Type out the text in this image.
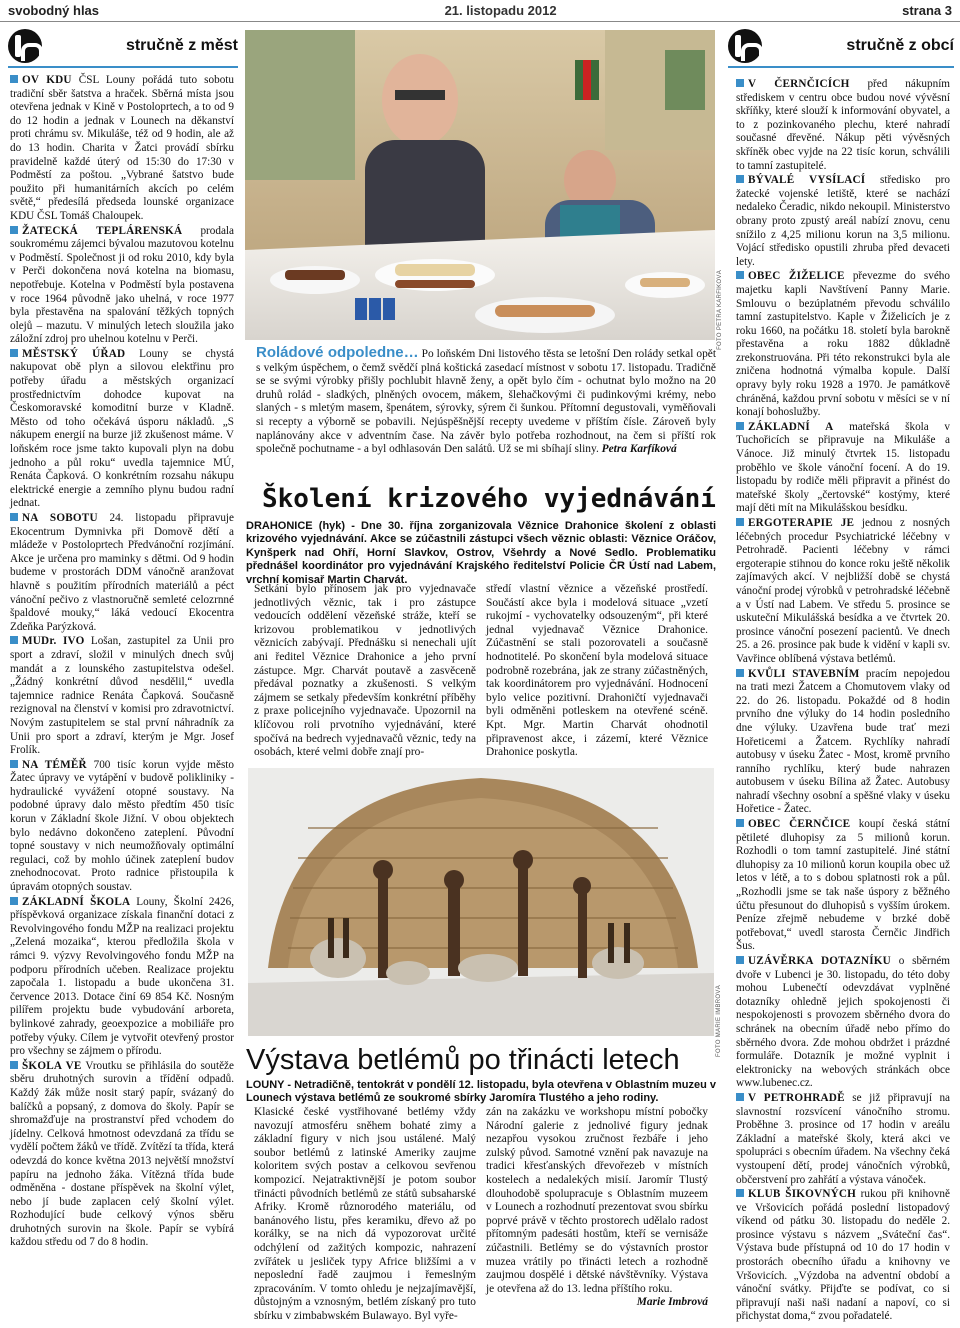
svobodný hlas	21. listopadu 2012	strana 3
stručně z měst	stručně z obcí

OV KDU ČSL Louny pořádá tuto sobotu tradiční sběr šatstva a hraček. Sběrná místa jsou otevřena jednak v Kině v Postoloprtech, a to od 9 do 12 hodin a jednak v Lounech na děkanství proti chrámu sv. Mikuláše, též od 9 hodin, ale až do 13 hodin. Charita v Žatci provádí sbírku pravidelně každé úterý od 15:30 do 17:30 v Podměstí za poštou. „Vybrané šatstvo bude použito při humanitárních akcích po celém světě,“ předesílá předseda lounské organizace KDU ČSL Tomáš Chaloupek.

ŽATECKÁ TEPLÁRENSKÁ prodala soukromému zájemci bývalou mazutovou kotelnu v Podměstí. Společnost ji od roku 2010, kdy byla v Perči dokončena nová kotelna na biomasu, nepotřebuje. Kotelna v Podměstí byla postavena v roce 1964 původně jako uhelná, v roce 1977 byla přestavěna na spalování těžkých topných olejů – mazutu. V minulých letech sloužila jako záložní zdroj pro uhelnou kotelnu v Perči.

MĚSTSKÝ ÚŘAD Louny se chystá nakupovat obě plyn a silovou elektřinu pro potřeby úřadu a městských organizací prostřednictvím dohodce kupovat na Českomoravské komoditní burze v Kladně. Město od toho očekává úsporu nákladů. „S nákupem energií na burze již zkušenost máme. V loňském roce jsme takto kupovali plyn na dobu jednoho a půl roku“ uvedla tajemnice MÚ, Renáta Čapková. O konkrétním rozsahu nákupu elektrické energie a zemního plynu budou radní jednat.

NA SOBOTU 24. listopadu připravuje Ekocentrum Dymnivka při Domově dětí a mládeže v Postoloprtech Předvánoční rozjímání. Akce je určena pro maminky s dětmi. Od 9 hodin budeme v prostorách DDM vánočně aranžovat hlavně s použitím přírodních materiálů a péct vánoční pečivo z vlastnoručně semleté celozrnné špaldové mouky,“ láká vedoucí Ekocentra Zdeňka Parýzková.

MUDr. IVO Lošan, zastupitel za Unii pro sport a zdraví, složil v minulých dnech svůj mandát a z lounského zastupitelstva odešel. „Žádný konkrétní důvod nesdělil,“ uvedla tajemnice radnice Renáta Čapková. Současně rezignoval na členství v komisi pro zdravotnictví. Novým zastupitelem se stal první náhradník za Unii pro sport a zdraví, kterým je Mgr. Josef Frolík.

NA TÉMĚŘ 700 tisíc korun vyjde město Žatec úpravy ve vytápění v budově polikliniky - hydraulické vyvážení otopné soustavy. Na podobné úpravy dalo město předtím 450 tisíc korun v Základní škole Jižní. V obou objektech bylo nedávno dokončeno zateplení. Původní topné soustavy v nich neumožňovaly optimální regulaci, což by mohlo účinek zateplení budov znehodnocovat. Proto radnice přistoupila k úpravám otopných soustav.

ZÁKLADNÍ ŠKOLA Louny, Školní 2426, příspěvková organizace získala finanční dotaci z Revolvingového fondu MŽP na realizaci projektu „Zelená mozaika“, kterou předložila škola v rámci 9. výzvy Revolvingového fondu MŽP na podporu přírodních učeben. Realizace projektu započala 1. listopadu a bude ukončena 31. července 2013. Dotace činí 69 854 Kč. Nosným pilířem projektu bude vybudování arboreta, bylinkové zahrady, geoexpozice a mobiliáře pro potřeby výuky. Cílem je vytvořit otevřený prostor pro všechny se zájmem o přírodu.

ŠKOLA VE Vroutku se přihlásila do soutěže sběru druhotných surovin a třídění odpadů. Každý žák může nosit starý papír, svázaný do balíčků a popsaný, z domova do školy. Papír se shromažďuje na prostranství před vchodem do jídelny. Celková hmotnost odevzdaná za třídu se vydělí počtem žáků ve třídě. Zvítězí ta třída, která odevzdá do konce května 2013 největší množství papíru na jednoho žáka. Vítězná třída bude odměněna - dostane příspěvek na školní výlet, nebo jí bude zaplacen celý školní výlet. Rozhodující bude celkový výnos sběru druhotných surovin na škole. Papír se vybírá každou středu od 7 do 8 hodin.

V ČERNČICÍCH před nákupním střediskem v centru obce budou nové vývěsní skříňky, které slouží k informování obyvatel, a to z pozinkovaného plechu, které nahradí současné dřevěné. Nákup pěti vývěsných skříněk obec vyjde na 22 tisíc korun, schválili to tamní zastupitelé.

BÝVALÉ VYSÍLACÍ středisko pro žatecké vojenské letiště, které se nachází nedaleko Čeradic, nikdo nekoupil. Ministerstvo obrany proto zpustý areál nabízí znovu, cenu snížilo z 4,25 milionu korun na 3,5 milionu. Vojácí středisko opustili zhruba před devaceti lety.

OBEC ŽIŽELICE převezme do svého majetku kapli Navštívení Panny Marie. Smlouvu o bezúplatném převodu schválilo tamní zastupitelstvo. Kaple v Žiželicích je z roku 1660, na počátku 18. století byla barokně přestavěna a roku 1882 důkladně zrekonstruována. Při této rekonstrukci byla ale zničena hodnotná výmalba kopule. Další opravy byly roku 1928 a 1970. Je památkově chráněná, každou první sobotu v měsíci se v ní konají bohoslužby.

ZÁKLADNÍ A mateřská škola v Tuchořicích se připravuje na Mikuláše a Vánoce. Již minulý čtvrtek 15. listopadu proběhlo ve škole vánoční focení. A do 19. listopadu by rodiče měli připravit a přinést do mateřské školy „čertovské“ kostýmy, které mají děti mít na Mikulášskou besídku.

ERGOTERAPIE JE jednou z nosných léčebných procedur Psychiatrické léčebny v Petrohradě. Pacienti léčebny v rámci ergoterapie stihnou do konce roku ještě několik zajímavých akcí. V nejbližší době se chystá vánoční prodej výrobků v petrohradské léčebně a v Ústí nad Labem. Ve středu 5. prosince se uskuteční Mikulášská besídka a ve čtvrtek 20. prosince vánoční posezení pacientů. Ve dnech 25. a 26. prosince pak bude k vidění v kapli sv. Vavřince oblíbená výstava betlémů.

KVŮLI STAVEBNÍM pracím nepojedou na trati mezi Žatcem a Chomutovem vlaky od 22. do 26. listopadu. Pokaždé od 8 hodin prvního dne výluky do 14 hodin posledního dne výluky. Uzavřena bude trať mezi Hořeticemi a Žatcem. Rychlíky nahradí autobusy v úseku Žatec - Most, kromě prvního ranního rychlíku, který bude nahrazen autobusem v úseku Bílina až Žatec. Autobusy nahradí všechny osobní a spěšné vlaky v úseku Hořetice - Žatec.

OBEC ČERNČICE koupí česká státní pětileté dluhopisy za 5 milionů korun. Rozhodli o tom tamní zastupitelé. Jiné státní dluhopisy za 10 milionů korun koupila obec už letos v létě, a to s dobou splatnosti rok a půl. „Rozhodli jsme se tak naše úspory z běžného účtu přesunout do dluhopisů s vyšším úrokem. Peníze zřejmě nebudeme v brzké době potřebovat,“ uvedl starosta Černčic Jindřich Šus.

UZÁVĚRKA DOTAZNÍKU o sběrném dvoře v Lubenci je 30. listopadu, do této doby mohou Lubenečtí odevzdávat vyplněné dotazníky ohledně jejich spokojenosti či nespokojenosti s provozem sběrného dvora do schránek na obecním úřadě nebo přímo do sběrného dvora. Zde mohou obdržet i prázdné formuláře. Dotazník je možné vyplnit i elektronicky na webových stránkách obce www.lubenec.cz.

V PETROHRADĚ se již připravují na slavnostní rozsvícení vánočního stromu. Proběhne 3. prosince od 17 hodin v areálu Základní a mateřské školy, která akci ve spolupráci s obecním úřadem. Na všechny čeká vystoupení dětí, prodej vánočních výrobků, občerstvení pro zahřátí a výstava vánoček.

KLUB ŠIKOVNÝCH rukou při knihovně ve Vršovicích pořádá poslední listopadový víkend od pátku 30. listopadu do neděle 2. prosince výstavu s názvem „Sváteční čas“. Výstava bude přístupná od 10 do 17 hodin v prostorách obecního úřadu a knihovny ve Vršovicích. „Výzdoba na adventní období a vánoční svátky. Přijďte se podívat, co si připravují naši naši nadaní a napoví, co si přichystat doma,“ zvou pořadatelé.

FOTO PETRA KARFÍKOVÁ
Roládové odpoledne… Po loňském Dni listového těsta se letošní Den rolády setkal opět s velkým úspěchem, o čemž svědčí plná koštická zasedací místnost v sobotu 17. listopadu. Tradičně se se svými výrobky přišly pochlubit hlavně ženy, a opět bylo čím - ochutnat bylo možno na 20 druhů rolád - sladkých, plněných ovocem, mákem, šlehačkovými či pudinkovými krémy, nebo slaných - s mletým masem, špenátem, sýrovky, sýrem či šunkou. Přítomní degustovali, vyměňovali si recepty a výborně se pobavili. Nejúspěšnější recepty uvedeme v příštím čísle. Zároveň byly naplánovány akce v adventním čase. Na závěr bylo potřeba rozhodnout, na čem si příští rok společně pochutname - a byl odhlasován Den salátů. Už se mi sbíhají sliny. Petra Karfíková
Školení krizového vyjednávání
DRAHONICE (hyk) - Dne 30. října zorganizovala Věznice Drahonice školení z oblasti krizového vyjednávání. Akce se zúčastnili zástupci všech věznic oblasti: Věznice Oráčov, Kynšperk nad Ohří, Horní Slavkov, Ostrov, Všehrdy a Nové Sedlo. Problematiku přednášel koordinátor pro vyjednávání Krajského ředitelství Policie ČR Ústí nad Labem, vrchní komisař Martin Charvát.
Setkání bylo přínosem jak pro vyjednavače jednotlivých věznic, tak i pro zástupce vedoucích oddělení vězeňské stráže, kteří se krizovou problematikou v jednotlivých věznicích zabývají. Přednášku si nenechali ujít ani ředitel Věznice Drahonice a jeho první zástupce. Mgr. Charvát poutavě a zasvěceně předával poznatky a zkušenosti. S velkým zájmem se setkaly především konkrétní příběhy z praxe policejního vyjednavače. Upozornil na klíčovou roli prvotního vyjednávání, které spočívá na bedrech vyjednavačů věznic, tedy na osobách, které velmi dobře znají pro-
středí vlastní věznice a vězeňské prostředí. Součástí akce byla i modelová situace „vzetí rukojmí - vychovatelky odsouzeným“, při které jednal vyjednavač Věznice Drahonice. Zúčastnění se stali pozorovateli a současně hodnotitelé. Po skončení byla modelová situace podrobně rozebrána, jak ze strany zúčastněných, tak koordinátorem pro vyjednávání. Hodnocení bylo velice pozitivní. Drahoničtí vyjednavači byli odměněni potleskem na otevřené scéně. Kpt. Mgr. Martin Charvát ohodnotil připravenost akce, i zázemí, které Věznice Drahonice poskytla.
FOTO MARIE IMBROVÁ
Výstava betlémů po třinácti letech
LOUNY - Netradičně, tentokrát v pondělí 12. listopadu, byla otevřena v Oblastním muzeu v Lounech výstava betlémů ze soukromé sbírky Jaromíra Tlustého a jeho rodiny.
Klasické české vystřihované betlémy vždy navozují atmosféru sněhem bohaté zimy a základní figury v nich jsou ustálené. Malý soubor betlémů z latinské Ameriky zaujme koloritem svých postav a celkovou sevřenou kompozicí. Nejatraktivnější je potom soubor třinácti původních betlémů ze států subsaharské Afriky. Kromě různorodého materiálu, od banánového listu, přes keramiku, dřevo až po korálky, se na nich dá vypozorovat určité odchýlení od zažitých kompozic, nahrazení zvířátek u jesliček typy Africe bližšími a v neposlední řadě zaujmou i řemeslným zpracováním. V tomto ohledu je nejzajímavější, důstojným a vznosným, betlém získaný pro tuto sbírku v zimbabwském Bulawayo. Byl vyře-
zán na zakázku ve workshopu místní pobočky Národní galerie z jednolivé figury jednak nezapřou vysokou zručnost řezbáře i jeho zulský původ. Samotné vznění pak navazuje na tradici křesťanských dřevořezeb v místních kostelech a nedalekých misií. Jaromír Tlustý dlouhodobě spolupracuje s Oblastním muzeem v Lounech a rozhodnutí prezentovat svou sbírku poprvé právě v těchto prostorech udělalo radost přítomným padesáti hostům, kteří se vernisáže zúčastnili. Betlémy se do výstavních prostor muzea vrátily po třinácti letech a rozhodně zaujmou dospělé i dětské návštěvníky. Výstava je otevřena až do 13. ledna příštího roku.
Marie Imbrová
